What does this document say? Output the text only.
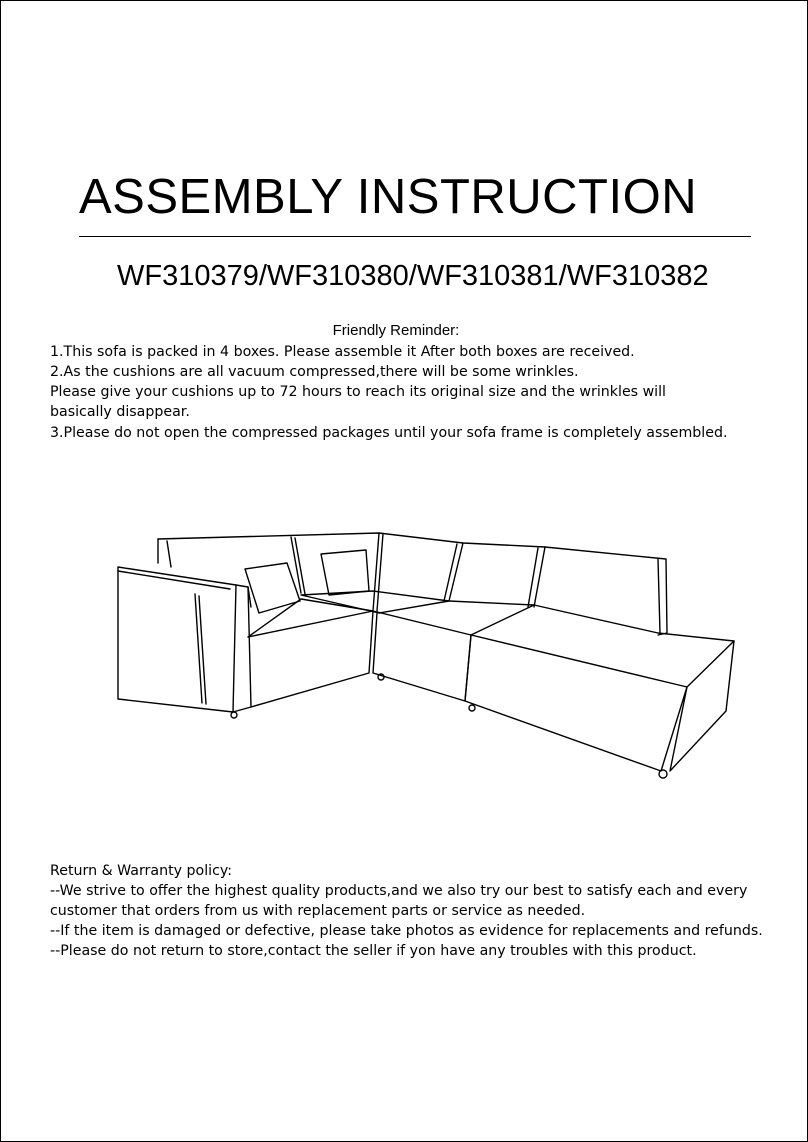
ASSEMBLY INSTRUCTION
WF310379/WF310380/WF310381/WF310382
Friendly Reminder:
1.This sofa is packed in 4 boxes. Please assemble it After both boxes are received.
2.As the cushions are all vacuum compressed,there will be some wrinkles.
Please give your cushions up to 72 hours to reach its original size and the wrinkles will
basically disappear.
3.Please do not open the compressed packages until your sofa frame is completely assembled.
Return & Warranty policy:
--We strive to offer the highest quality products,and we also try our best to satisfy each and every
customer that orders from us with replacement parts or service as needed.
--If the item is damaged or defective, please take photos as evidence for replacements and refunds.
--Please do not return to store,contact the seller if yon have any troubles with this product.
